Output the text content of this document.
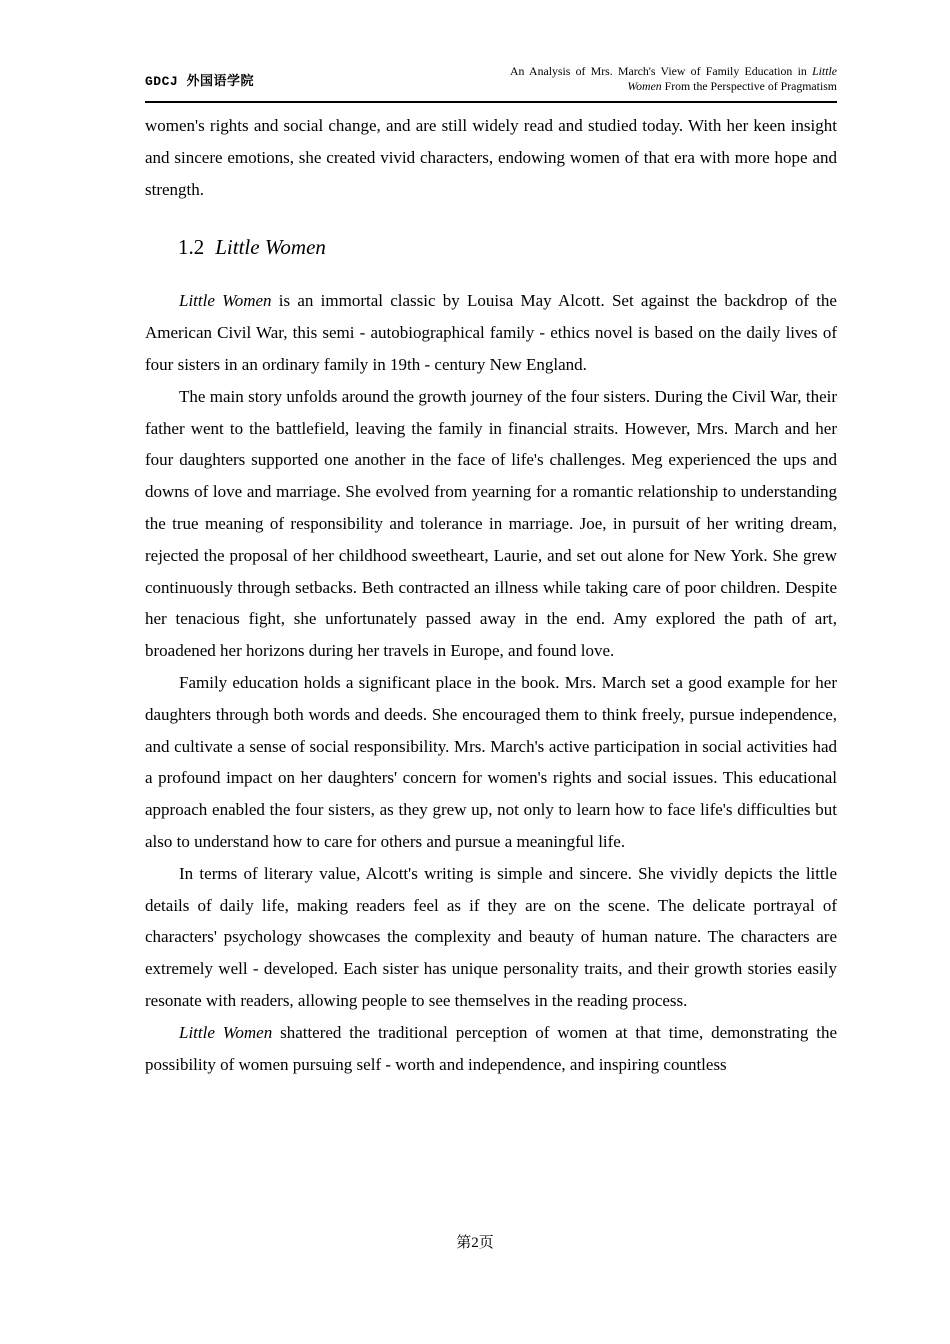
GDCJ 外国语学院
An Analysis of Mrs. March's View of Family Education in Little
Women From the Perspective of Pragmatism

women's rights and social change, and are still widely read and studied today. With her keen insight and sincere emotions, she created vivid characters, endowing women of that era with more hope and strength.

1.2 Little Women

Little Women is an immortal classic by Louisa May Alcott. Set against the backdrop of the American Civil War, this semi - autobiographical family - ethics novel is based on the daily lives of four sisters in an ordinary family in 19th - century New England.

The main story unfolds around the growth journey of the four sisters. During the Civil War, their father went to the battlefield, leaving the family in financial straits. However, Mrs. March and her four daughters supported one another in the face of life's challenges. Meg experienced the ups and downs of love and marriage. She evolved from yearning for a romantic relationship to understanding the true meaning of responsibility and tolerance in marriage. Joe, in pursuit of her writing dream, rejected the proposal of her childhood sweetheart, Laurie, and set out alone for New York. She grew continuously through setbacks. Beth contracted an illness while taking care of poor children. Despite her tenacious fight, she unfortunately passed away in the end. Amy explored the path of art, broadened her horizons during her travels in Europe, and found love.

Family education holds a significant place in the book. Mrs. March set a good example for her daughters through both words and deeds. She encouraged them to think freely, pursue independence, and cultivate a sense of social responsibility. Mrs. March's active participation in social activities had a profound impact on her daughters' concern for women's rights and social issues. This educational approach enabled the four sisters, as they grew up, not only to learn how to face life's difficulties but also to understand how to care for others and pursue a meaningful life.

In terms of literary value, Alcott's writing is simple and sincere. She vividly depicts the little details of daily life, making readers feel as if they are on the scene. The delicate portrayal of characters' psychology showcases the complexity and beauty of human nature. The characters are extremely well - developed. Each sister has unique personality traits, and their growth stories easily resonate with readers, allowing people to see themselves in the reading process.

Little Women shattered the traditional perception of women at that time, demonstrating the possibility of women pursuing self - worth and independence, and inspiring countless

第2页
